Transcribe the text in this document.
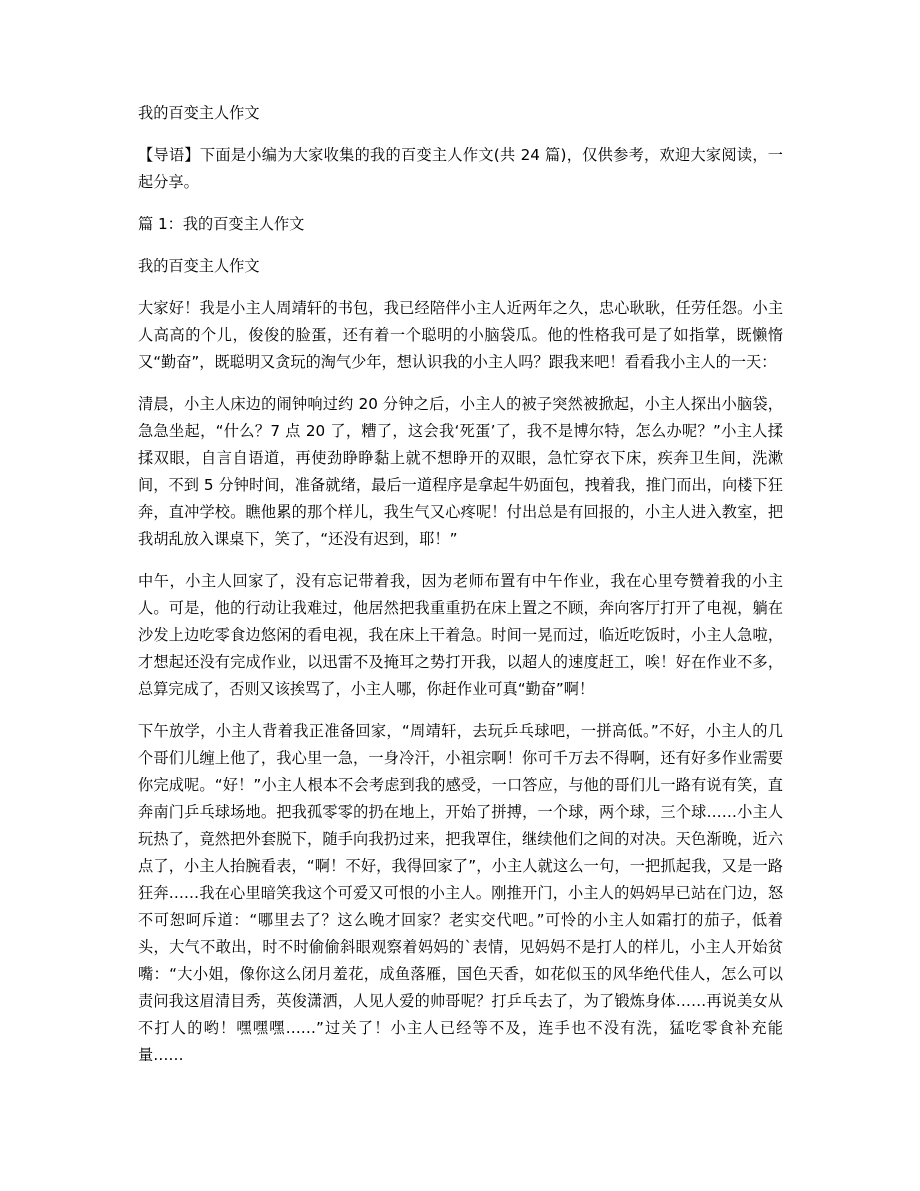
我的百变主人作文

【导语】下面是小编为大家收集的我的百变主人作文(共 24 篇)，仅供参考，欢迎大家阅读，一起分享。

篇 1：我的百变主人作文

我的百变主人作文

大家好！我是小主人周靖轩的书包，我已经陪伴小主人近两年之久，忠心耿耿，任劳任怨。小主人高高的个儿，俊俊的脸蛋，还有着一个聪明的小脑袋瓜。他的性格我可是了如指掌，既懒惰又“勤奋”，既聪明又贪玩的淘气少年，想认识我的小主人吗？跟我来吧！看看我小主人的一天：

清晨，小主人床边的闹钟响过约 20 分钟之后，小主人的被子突然被掀起，小主人探出小脑袋，急急坐起，“什么？7 点 20 了，糟了，这会我‘死蛋’了，我不是博尔特，怎么办呢？”小主人揉揉双眼，自言自语道，再使劲睁睁黏上就不想睁开的双眼，急忙穿衣下床，疾奔卫生间，洗漱间，不到 5 分钟时间，准备就绪，最后一道程序是拿起牛奶面包，拽着我，推门而出，向楼下狂奔，直冲学校。瞧他累的那个样儿，我生气又心疼呢！付出总是有回报的，小主人进入教室，把我胡乱放入课桌下，笑了，“还没有迟到，耶！”

中午，小主人回家了，没有忘记带着我，因为老师布置有中午作业，我在心里夸赞着我的小主人。可是，他的行动让我难过，他居然把我重重扔在床上置之不顾，奔向客厅打开了电视，躺在沙发上边吃零食边悠闲的看电视，我在床上干着急。时间一晃而过，临近吃饭时，小主人急啦，才想起还没有完成作业，以迅雷不及掩耳之势打开我，以超人的速度赶工，唉！好在作业不多，总算完成了，否则又该挨骂了，小主人哪，你赶作业可真“勤奋”啊！

下午放学，小主人背着我正准备回家，“周靖轩，去玩乒乓球吧，一拼高低。”不好，小主人的几个哥们儿缠上他了，我心里一急，一身冷汗，小祖宗啊！你可千万去不得啊，还有好多作业需要你完成呢。“好！”小主人根本不会考虑到我的感受，一口答应，与他的哥们儿一路有说有笑，直奔南门乒乓球场地。把我孤零零的扔在地上，开始了拼搏，一个球，两个球，三个球……小主人玩热了，竟然把外套脱下，随手向我扔过来，把我罩住，继续他们之间的对决。天色渐晚，近六点了，小主人抬腕看表，“啊！不好，我得回家了”，小主人就这么一句，一把抓起我，又是一路狂奔……我在心里暗笑我这个可爱又可恨的小主人。刚推开门，小主人的妈妈早已站在门边，怒不可恕呵斥道：“哪里去了？这么晚才回家？老实交代吧。”可怜的小主人如霜打的茄子，低着头，大气不敢出，时不时偷偷斜眼观察着妈妈的`表情，见妈妈不是打人的样儿，小主人开始贫嘴：“大小姐，像你这么闭月羞花，成鱼落雁，国色天香，如花似玉的风华绝代佳人，怎么可以责问我这眉清目秀，英俊潇洒，人见人爱的帅哥呢？打乒乓去了，为了锻炼身体……再说美女从不打人的哟！嘿嘿嘿……”过关了！小主人已经等不及，连手也不没有洗，猛吃零食补充能量……
